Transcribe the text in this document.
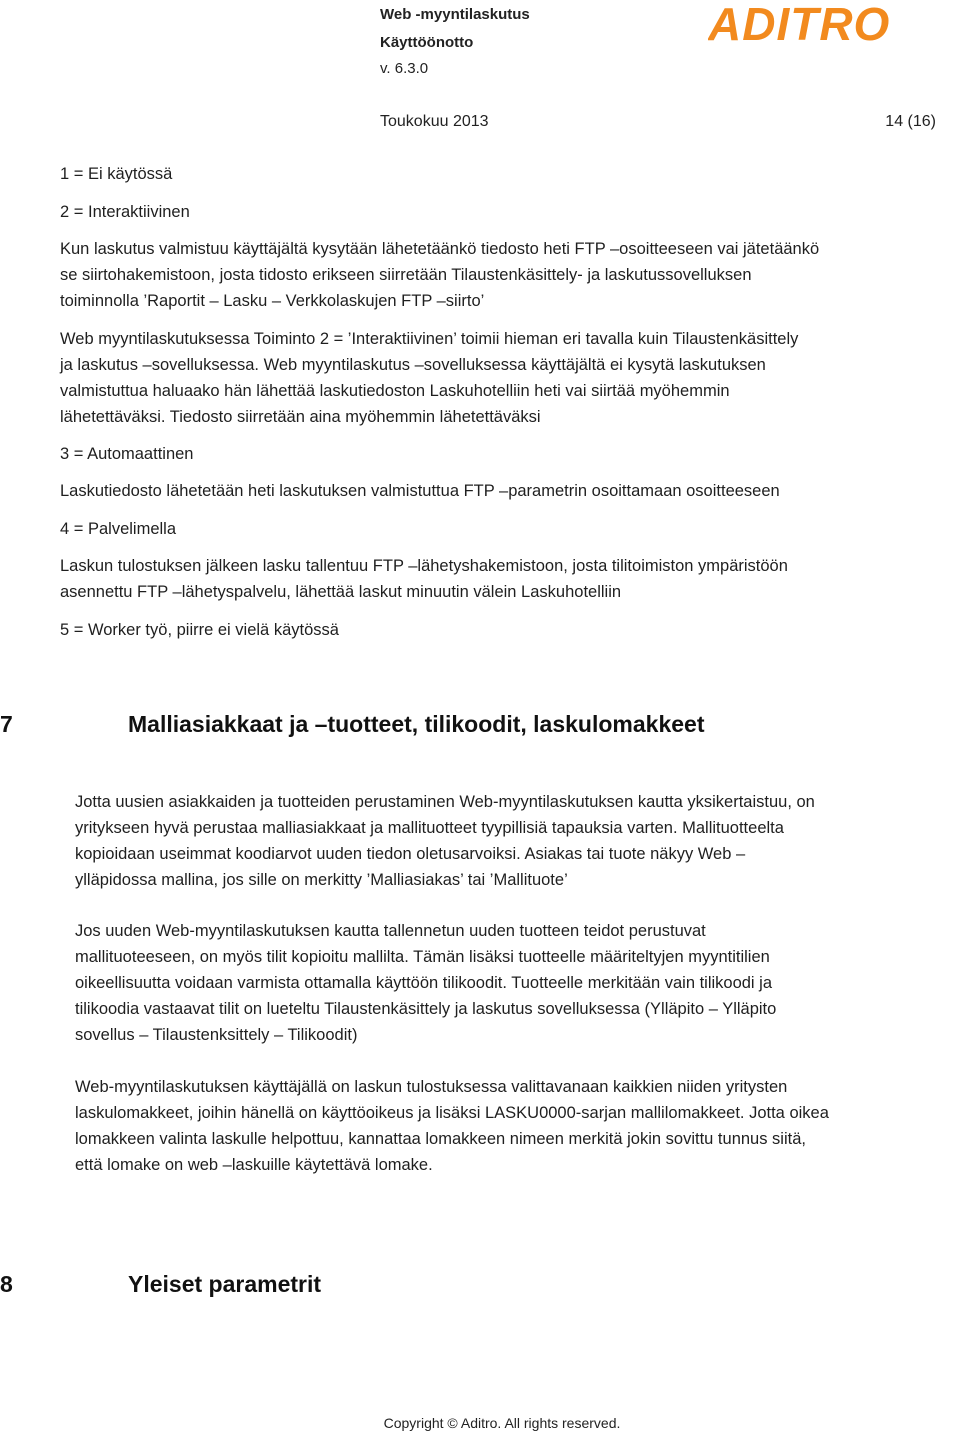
Web -myyntilaskutus
Käyttöönotto
v. 6.3.0
Toukokuu 2013	14 (16)
ADITRO
1 = Ei käytössä
2 = Interaktiivinen
Kun laskutus valmistuu käyttäjältä kysytään lähetetäänkö tiedosto heti FTP –osoitteeseen vai jätetäänkö
se siirtohakemistoon, josta tidosto erikseen siirretään Tilaustenkäsittely- ja laskutussovelluksen
toiminnolla ’Raportit – Lasku – Verkkolaskujen FTP –siirto’
Web myyntilaskutuksessa Toiminto 2 = ’Interaktiivinen’ toimii hieman eri tavalla kuin Tilaustenkäsittely
ja laskutus –sovelluksessa. Web myyntilaskutus –sovelluksessa käyttäjältä ei kysytä laskutuksen
valmistuttua haluaako hän lähettää laskutiedoston Laskuhotelliin heti vai siirtää myöhemmin
lähetettäväksi. Tiedosto siirretään aina myöhemmin lähetettäväksi
3 = Automaattinen
Laskutiedosto lähetetään heti laskutuksen valmistuttua FTP –parametrin osoittamaan osoitteeseen
4 = Palvelimella
Laskun tulostuksen jälkeen lasku tallentuu FTP –lähetyshakemistoon, josta tilitoimiston ympäristöön
asennettu FTP –lähetyspalvelu, lähettää laskut minuutin välein Laskuhotelliin
5 = Worker työ, piirre ei vielä käytössä
7	Malliasiakkaat ja –tuotteet, tilikoodit, laskulomakkeet
Jotta uusien asiakkaiden ja tuotteiden perustaminen Web-myyntilaskutuksen kautta yksikertaistuu, on
yritykseen hyvä perustaa malliasiakkaat ja mallituotteet tyypillisiä tapauksia varten. Mallituotteelta
kopioidaan useimmat koodiarvot uuden tiedon oletusarvoiksi. Asiakas tai tuote näkyy Web –
ylläpidossa mallina, jos sille on merkitty ’Malliasiakas’ tai ’Mallituote’
Jos uuden Web-myyntilaskutuksen kautta tallennetun uuden tuotteen teidot perustuvat
mallituoteeseen, on myös tilit kopioitu mallilta. Tämän lisäksi tuotteelle määriteltyjen myyntitilien
oikeellisuutta voidaan varmista ottamalla käyttöön tilikoodit. Tuotteelle merkitään vain tilikoodi ja
tilikoodia vastaavat tilit on lueteltu Tilaustenkäsittely ja laskutus sovelluksessa (Ylläpito – Ylläpito
sovellus – Tilaustenksittely – Tilikoodit)
Web-myyntilaskutuksen käyttäjällä on laskun tulostuksessa valittavanaan kaikkien niiden yritysten
laskulomakkeet, joihin hänellä on käyttöoikeus ja lisäksi LASKU0000-sarjan mallilomakkeet. Jotta oikea
lomakkeen valinta laskulle helpottuu, kannattaa lomakkeen nimeen merkitä jokin sovittu tunnus siitä,
että lomake on web –laskuille käytettävä lomake.
8	Yleiset parametrit
Copyright © Aditro. All rights reserved.
